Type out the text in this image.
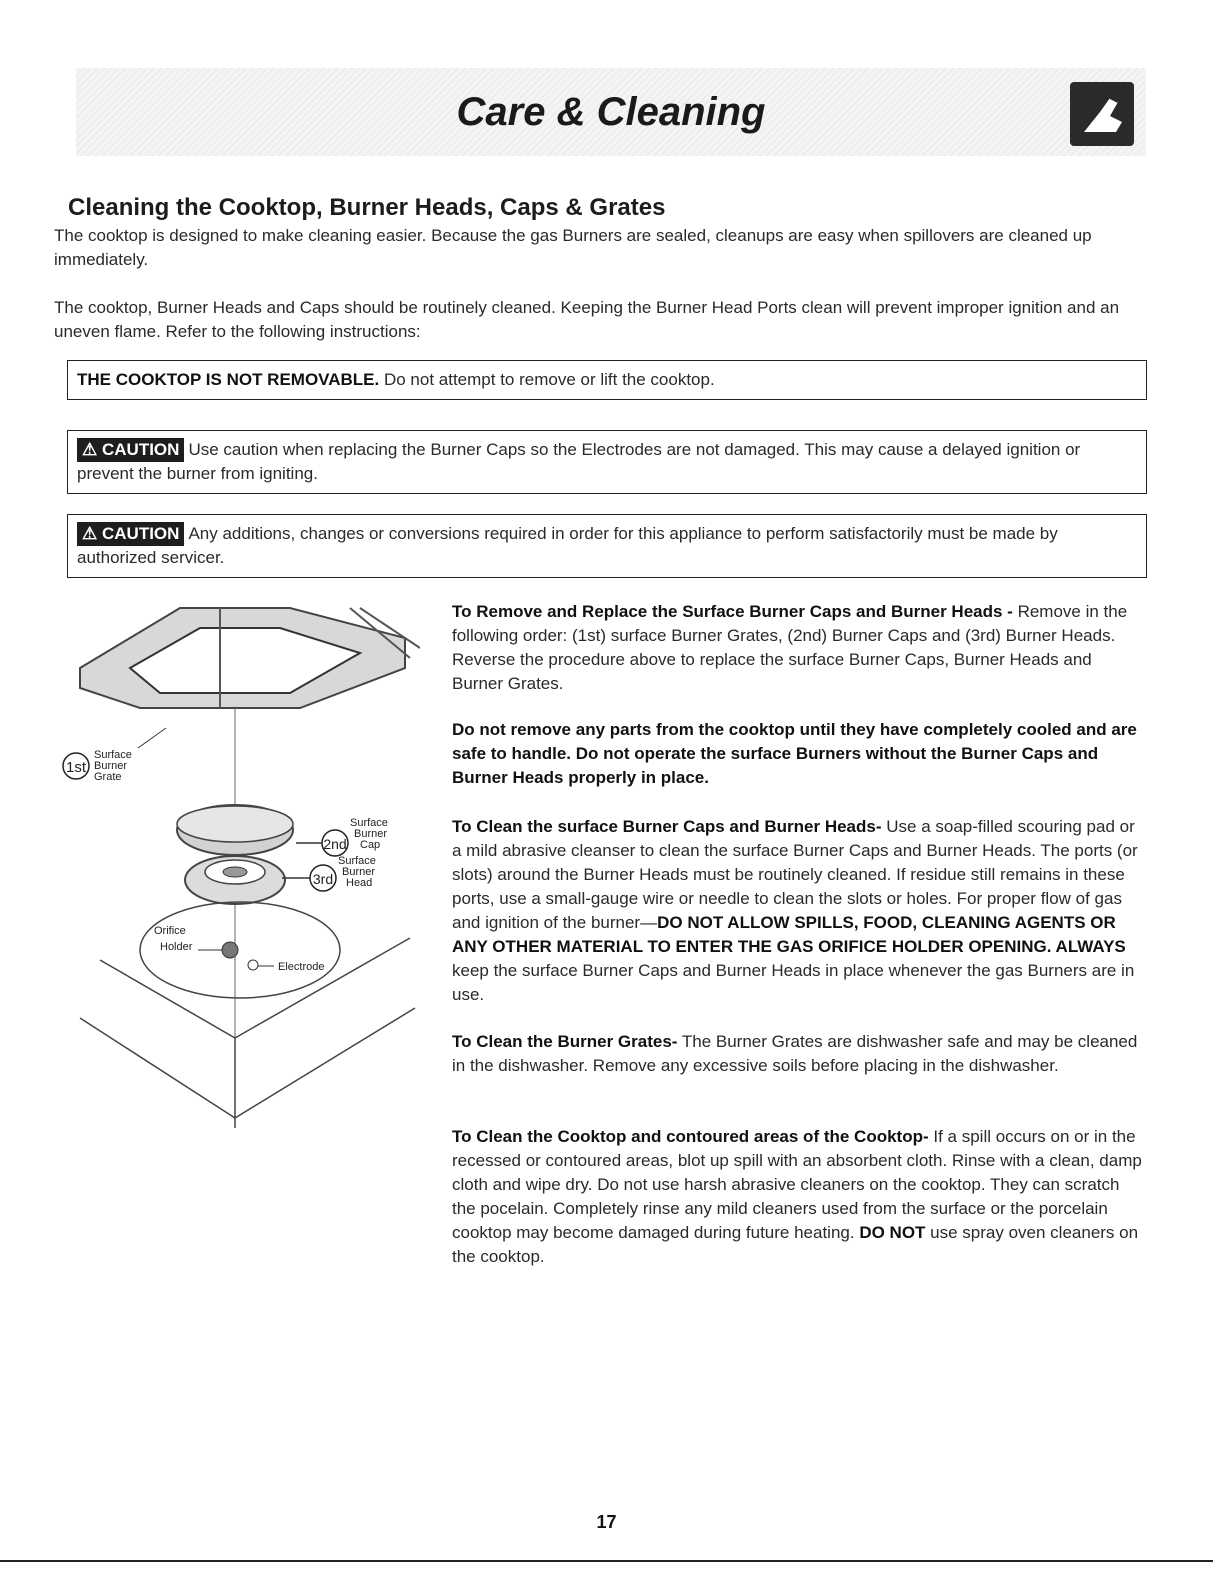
Care & Cleaning
Cleaning the Cooktop, Burner Heads, Caps & Grates

The cooktop is designed to make cleaning easier. Because the gas Burners are sealed, cleanups are easy when spillovers are cleaned up immediately.

The cooktop, Burner Heads and Caps should be routinely cleaned. Keeping the Burner Head Ports clean will prevent improper ignition and an uneven flame. Refer to the following instructions:

THE COOKTOP IS NOT REMOVABLE. Do not attempt to remove or lift the cooktop.
⚠ CAUTION Use caution when replacing the Burner Caps so the Electrodes are not damaged. This may cause a delayed ignition or prevent the burner from igniting.
⚠ CAUTION Any additions, changes or conversions required in order for this appliance to perform satisfactorily must be made by authorized servicer.
1st
Surface
Burner
Grate
2nd
Surface
Burner
Cap
3rd
Surface
Burner
Head
Orifice
Holder
Electrode

To Remove and Replace the Surface Burner Caps and Burner Heads - Remove in the following order: (1st) surface Burner Grates, (2nd) Burner Caps and (3rd) Burner Heads. Reverse the procedure above to replace the surface Burner Caps, Burner Heads and Burner Grates.

Do not remove any parts from the cooktop until they have completely cooled and are safe to handle. Do not operate the surface Burners without the Burner Caps and Burner Heads properly in place.

To Clean the surface Burner Caps and Burner Heads- Use a soap-filled scouring pad or a mild abrasive cleanser to clean the surface Burner Caps and Burner Heads. The ports (or slots) around the Burner Heads must be routinely cleaned. If residue still remains in these ports, use a small-gauge wire or needle to clean the slots or holes. For proper flow of gas and ignition of the burner—DO NOT ALLOW SPILLS, FOOD, CLEANING AGENTS OR ANY OTHER MATERIAL TO ENTER THE GAS ORIFICE HOLDER OPENING. ALWAYS keep the surface Burner Caps and Burner Heads in place whenever the gas Burners are in use.

To Clean the Burner Grates- The Burner Grates are dishwasher safe and may be cleaned in the dishwasher. Remove any excessive soils before placing in the dishwasher.

To Clean the Cooktop and contoured areas of the Cooktop- If a spill occurs on or in the recessed or contoured areas, blot up spill with an absorbent cloth. Rinse with a clean, damp cloth and wipe dry. Do not use harsh abrasive cleaners on the cooktop. They can scratch the pocelain. Completely rinse any mild cleaners used from the surface or the porcelain cooktop may become damaged during future heating. DO NOT use spray oven cleaners on the cooktop.

17
